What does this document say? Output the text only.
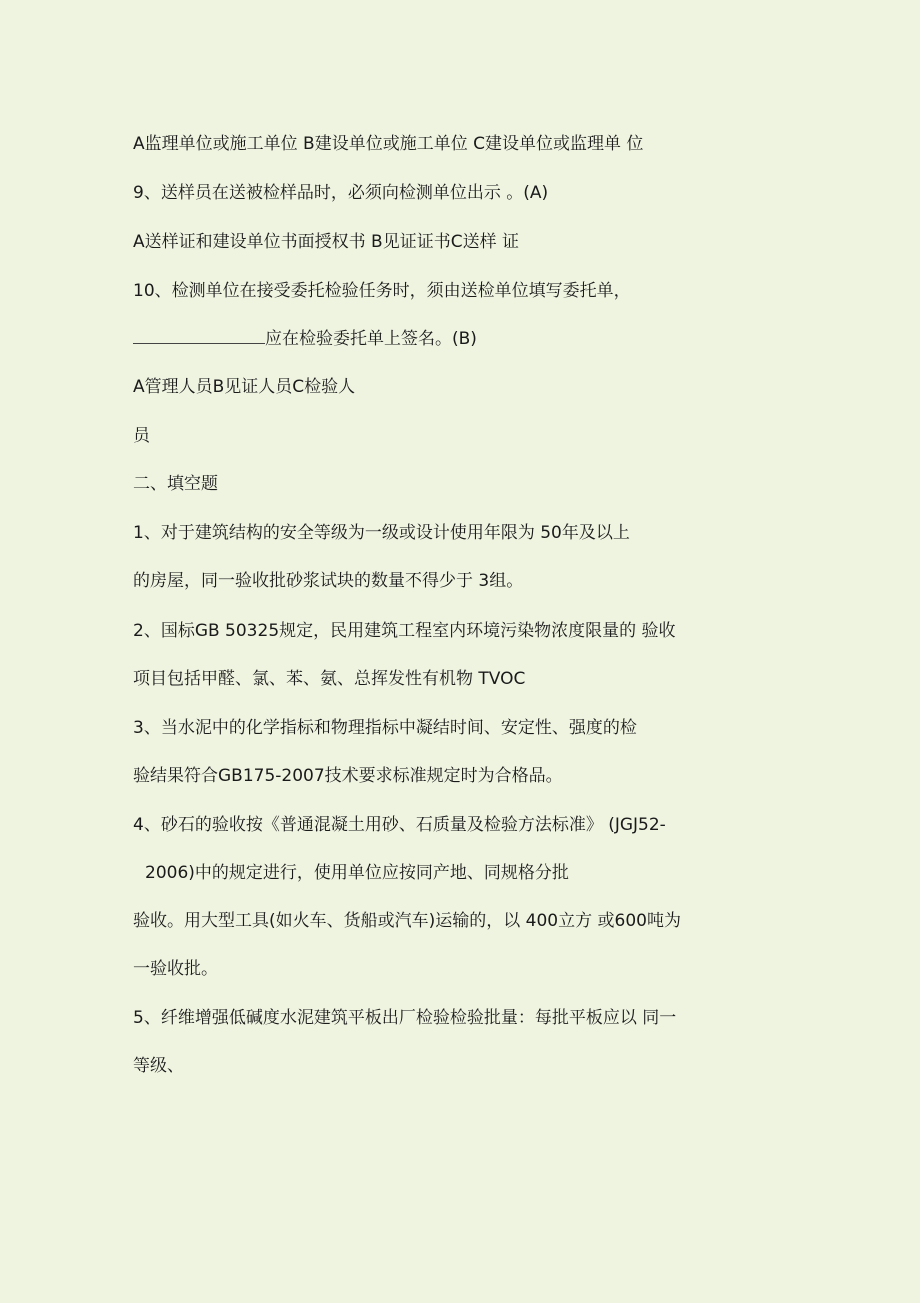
A监理单位或施工单位 B建设单位或施工单位 C建设单位或监理单 位
9、送样员在送被检样品时，必须向检测单位出示 。(A)
A送样证和建设单位书面授权书 B见证证书C送样 证
10、检测单位在接受委托检验任务时，须由送检单位填写委托单，
应在检验委托单上签名。(B)
A管理人员B见证人员C检验人
员
二、填空题
1、对于建筑结构的安全等级为一级或设计使用年限为 50年及以上
的房屋，同一验收批砂浆试块的数量不得少于 3组。
2、国标GB 50325规定，民用建筑工程室内环境污染物浓度限量的 验收
项目包括甲醛、氯、苯、氨、总挥发性有机物 TVOC
3、当水泥中的化学指标和物理指标中凝结时间、安定性、强度的检
验结果符合GB175-2007技术要求标准规定时为合格品。
4、砂石的验收按《普通混凝土用砂、石质量及检验方法标准》 (JGJ52-
2006)中的规定进行，使用单位应按同产地、同规格分批
验收。用大型工具(如火车、货船或汽车)运输的，以 400立方 或600吨为
一验收批。
5、纤维增强低碱度水泥建筑平板出厂检验检验批量：每批平板应以 同一
等级、
